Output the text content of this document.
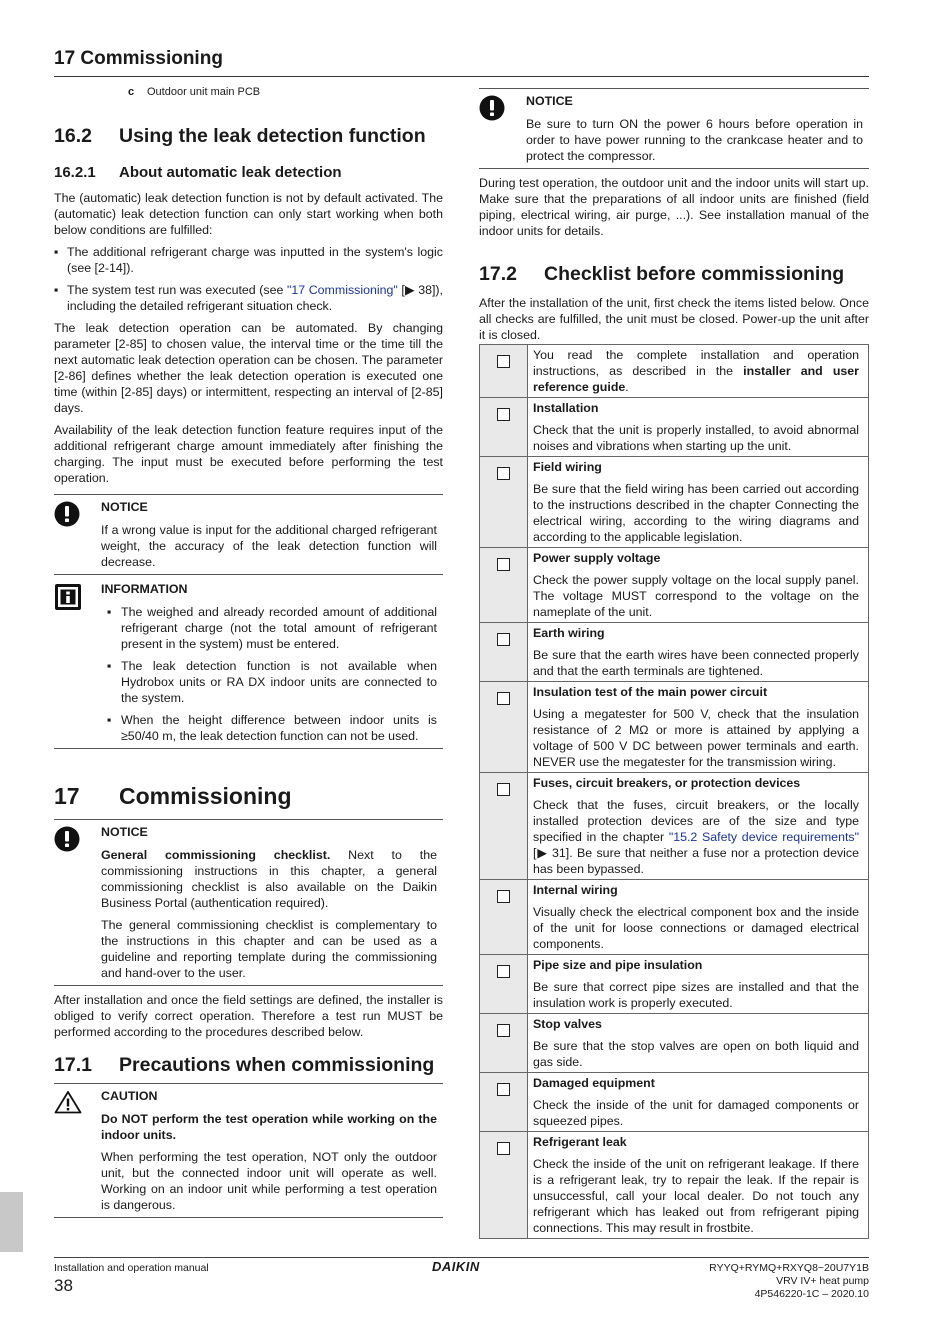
17 Commissioning
c	Outdoor unit main PCB
16.2	Using the leak detection function
16.2.1	About automatic leak detection

The (automatic) leak detection function is not by default activated. The (automatic) leak detection function can only start working when both below conditions are fulfilled:

▪ The additional refrigerant charge was inputted in the system's logic (see [2-14]).
▪ The system test run was executed (see "17 Commissioning" [▶ 38]), including the detailed refrigerant situation check.

The leak detection operation can be automated. By changing parameter [2-85] to chosen value, the interval time or the time till the next automatic leak detection operation can be chosen. The parameter [2-86] defines whether the leak detection operation is executed one time (within [2-85] days) or intermittent, respecting an interval of [2-85] days.

Availability of the leak detection function feature requires input of the additional refrigerant charge amount immediately after finishing the charging. The input must be executed before performing the test operation.

NOTICE

If a wrong value is input for the additional charged refrigerant weight, the accuracy of the leak detection function will decrease.

INFORMATION
▪ The weighed and already recorded amount of additional refrigerant charge (not the total amount of refrigerant present in the system) must be entered.
▪ The leak detection function is not available when Hydrobox units or RA DX indoor units are connected to the system.
▪ When the height difference between indoor units is ≥50/40 m, the leak detection function can not be used.
17	Commissioning
NOTICE

General commissioning checklist. Next to the commissioning instructions in this chapter, a general commissioning checklist is also available on the Daikin Business Portal (authentication required).

The general commissioning checklist is complementary to the instructions in this chapter and can be used as a guideline and reporting template during the commissioning and hand-over to the user.

After installation and once the field settings are defined, the installer is obliged to verify correct operation. Therefore a test run MUST be performed according to the procedures described below.

17.1	Precautions when commissioning
CAUTION

Do NOT perform the test operation while working on the indoor units.

When performing the test operation, NOT only the outdoor unit, but the connected indoor unit will operate as well. Working on an indoor unit while performing a test operation is dangerous.

NOTICE

Be sure to turn ON the power 6 hours before operation in order to have power running to the crankcase heater and to protect the compressor.

During test operation, the outdoor unit and the indoor units will start up. Make sure that the preparations of all indoor units are finished (field piping, electrical wiring, air purge, ...). See installation manual of the indoor units for details.

17.2	Checklist before commissioning

After the installation of the unit, first check the items listed below. Once all checks are fulfilled, the unit must be closed. Power-up the unit after it is closed.

	You read the complete installation and operation instructions, as described in the installer and user reference guide.

	Installation

Check that the unit is properly installed, to avoid abnormal noises and vibrations when starting up the unit.

	Field wiring

Be sure that the field wiring has been carried out according to the instructions described in the chapter Connecting the electrical wiring, according to the wiring diagrams and according to the applicable legislation.

	Power supply voltage

Check the power supply voltage on the local supply panel. The voltage MUST correspond to the voltage on the nameplate of the unit.

	Earth wiring

Be sure that the earth wires have been connected properly and that the earth terminals are tightened.

	Insulation test of the main power circuit

Using a megatester for 500 V, check that the insulation resistance of 2 MΩ or more is attained by applying a voltage of 500 V DC between power terminals and earth. NEVER use the megatester for the transmission wiring.

	Fuses, circuit breakers, or protection devices

Check that the fuses, circuit breakers, or the locally installed protection devices are of the size and type specified in the chapter "15.2 Safety device requirements" [▶ 31]. Be sure that neither a fuse nor a protection device has been bypassed.

	Internal wiring

Visually check the electrical component box and the inside of the unit for loose connections or damaged electrical components.

	Pipe size and pipe insulation

Be sure that correct pipe sizes are installed and that the insulation work is properly executed.

	Stop valves

Be sure that the stop valves are open on both liquid and gas side.

	Damaged equipment

Check the inside of the unit for damaged components or squeezed pipes.

	Refrigerant leak

Check the inside of the unit on refrigerant leakage. If there is a refrigerant leak, try to repair the leak. If the repair is unsuccessful, call your local dealer. Do not touch any refrigerant which has leaked out from refrigerant piping connections. This may result in frostbite.

Installation and operation manual
38
DAIKIN	RYYQ+RYMQ+RXYQ8~20U7Y1B
VRV IV+ heat pump
4P546220-1C – 2020.10
